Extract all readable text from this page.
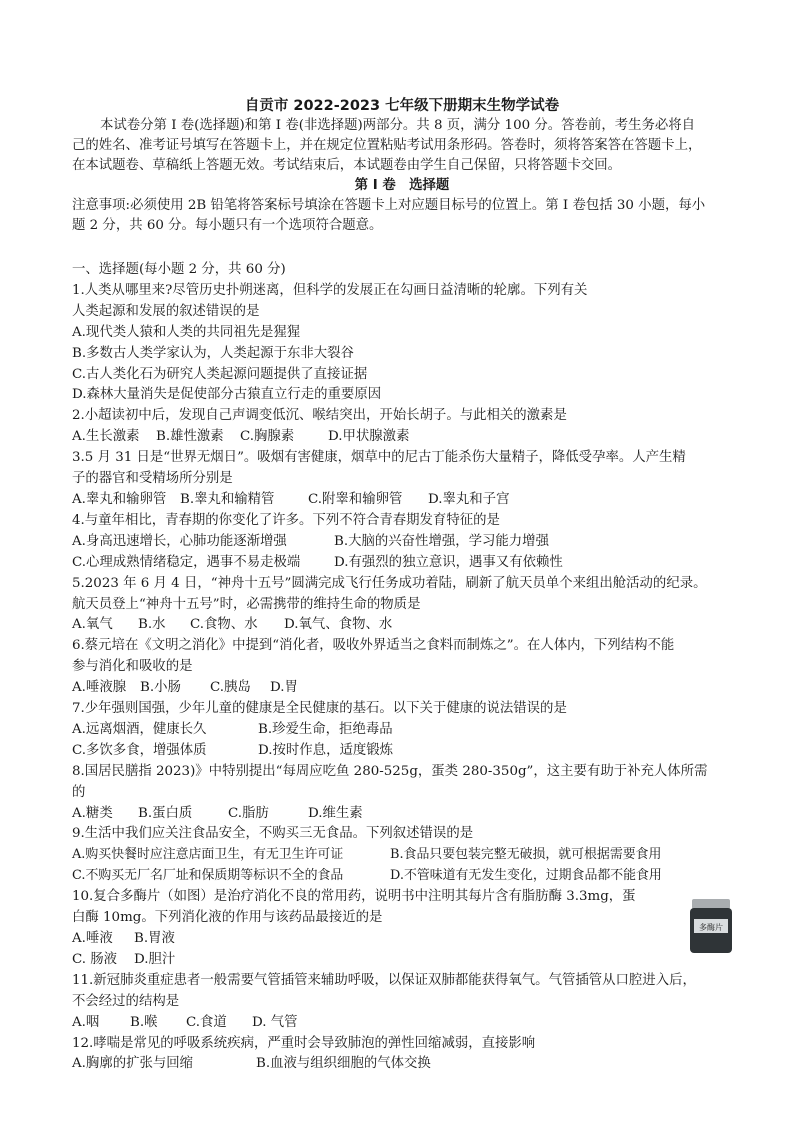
自贡市 2022-2023 七年级下册期末生物学试卷

本试卷分第 I 卷(选择题)和第 I 卷(非选择题)两部分。共 8 页，满分 100 分。答卷前，考生务必将自

己的姓名、准考证号填写在答题卡上，并在规定位置粘贴考试用条形码。答卷时，须将答案答在答题卡上，

在本试题卷、草稿纸上答题无效。考试结束后，本试题卷由学生自己保留，只将答题卡交回。

第 I 卷　选择题

注意事项:必须使用 2B 铅笔将答案标号填涂在答题卡上对应题目标号的位置上。第 I 卷包括 30 小题，每小

题 2 分，共 60 分。每小题只有一个选项符合题意。

一、选择题(每小题 2 分，共 60 分)

1.人类从哪里来?尽管历史扑朔迷离，但科学的发展正在勾画日益清晰的轮廓。下列有关

人类起源和发展的叙述错误的是

A.现代类人猿和人类的共同祖先是猩猩

B.多数古人类学家认为，人类起源于东非大裂谷

C.古人类化石为研究人类起源问题提供了直接证据

D.森林大量消失是促使部分古猿直立行走的重要原因

2.小超读初中后，发现自己声调变低沉、喉结突出，开始长胡子。与此相关的激素是

A.生长激素 B.雄性激素 C.胸腺素	D.甲状腺激素

3.5 月 31 日是“世界无烟日”。吸烟有害健康，烟草中的尼古丁能杀伤大量精子，降低受孕率。人产生精

子的器官和受精场所分别是

A.睾丸和输卵管 B.睾丸和输精管	C.附睾和输卵管 D.睾丸和子宫

4.与童年相比，青春期的你变化了许多。下列不符合青春期发育特征的是

A.身高迅速增长，心肺功能逐渐增强	B.大脑的兴奋性增强，学习能力增强

C.心理成熟情绪稳定，遇事不易走极端	D.有强烈的独立意识，遇事又有依赖性

5.2023 年 6 月 4 日，“神舟十五号”圆满完成飞行任务成功着陆，刷新了航天员单个来组出舱活动的纪录。

航天员登上“神舟十五号”时，必需携带的维持生命的物质是

A.氧气 B.水 C.食物、水 D.氧气、食物、水

6.蔡元培在《文明之消化》中提到“消化者，吸收外界适当之食料而制炼之”。在人体内，下列结构不能

参与消化和吸收的是

A.唾液腺 B.小肠 C.胰岛 D.胃

7.少年强则国强，少年儿童的健康是全民健康的基石。以下关于健康的说法错误的是

A.远离烟酒，健康长久	B.珍爱生命，拒绝毒品

C.多饮多食，增强体质	D.按时作息，适度锻炼

8.国居民膳指 2023)》中特别提出“每周应吃鱼 280-525g，蛋类 280-350g”，这主要有助于补充人体所需

的

A.糖类 B.蛋白质	C.脂肪	D.维生素

9.生活中我们应关注食品安全，不购买三无食品。下列叙述错误的是

A.购买快餐时应注意店面卫生，有无卫生许可证	B.食品只要包装完整无破损，就可根据需要食用

C.不购买无厂名厂址和保质期等标识不全的食品	D.不管味道有无发生变化，过期食品都不能食用

10.复合多酶片（如图）是治疗消化不良的常用药，说明书中注明其每片含有脂肪酶 3.3mg，蛋

白酶 10mg。下列消化液的作用与该药品最接近的是

A.唾液 B.胃液

C. 肠液 D.胆汁

多酶片

11.新冠肺炎重症患者一般需要气管插管来辅助呼吸，以保证双肺都能获得氧气。气管插管从口腔进入后，

不会经过的结构是

A.咽 B.喉 C.食道 D. 气管

12.哮喘是常见的呼吸系统疾病，严重时会导致肺泡的弹性回缩减弱，直接影响

A.胸廓的扩张与回缩	B.血液与组织细胞的气体交换
